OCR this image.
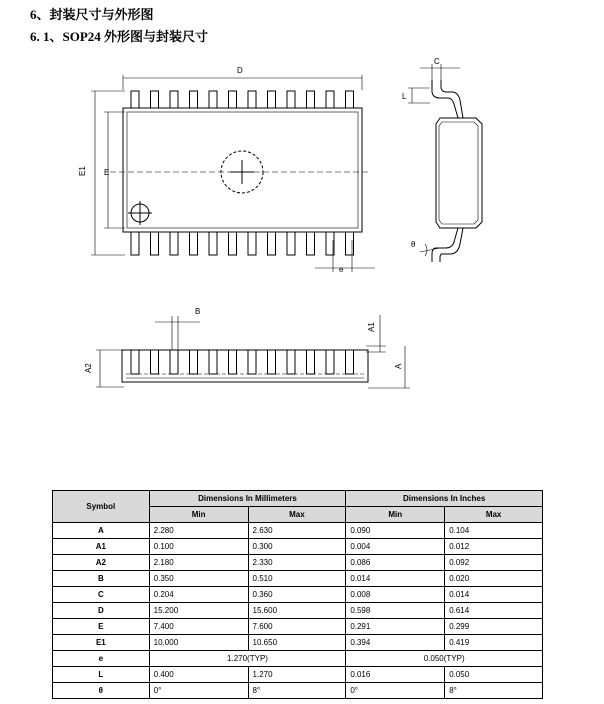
6、封装尺寸与外形图
6. 1、SOP24 外形图与封装尺寸
D
E
E1
e
B
A1
A2	A
C
L
θ
Symbol	Dimensions In Millimeters		Dimensions In Inches	
	Min	Max	Min	Max
A	2.280	2.630	0.090	0.104
A1	0.100	0.300	0.004	0.012
A2	2.180	2.330	0.086	0.092
B	0.350	0.510	0.014	0.020
C	0.204	0.360	0.008	0.014
D	15.200	15.600	0.598	0.614
E	7.400	7.600	0.291	0.299
E1	10.000	10.650	0.394	0.419
e	1.270(TYP)		0.050(TYP)	
L	0.400	1.270	0.016	0.050
θ	0°	8°	0°	8°
